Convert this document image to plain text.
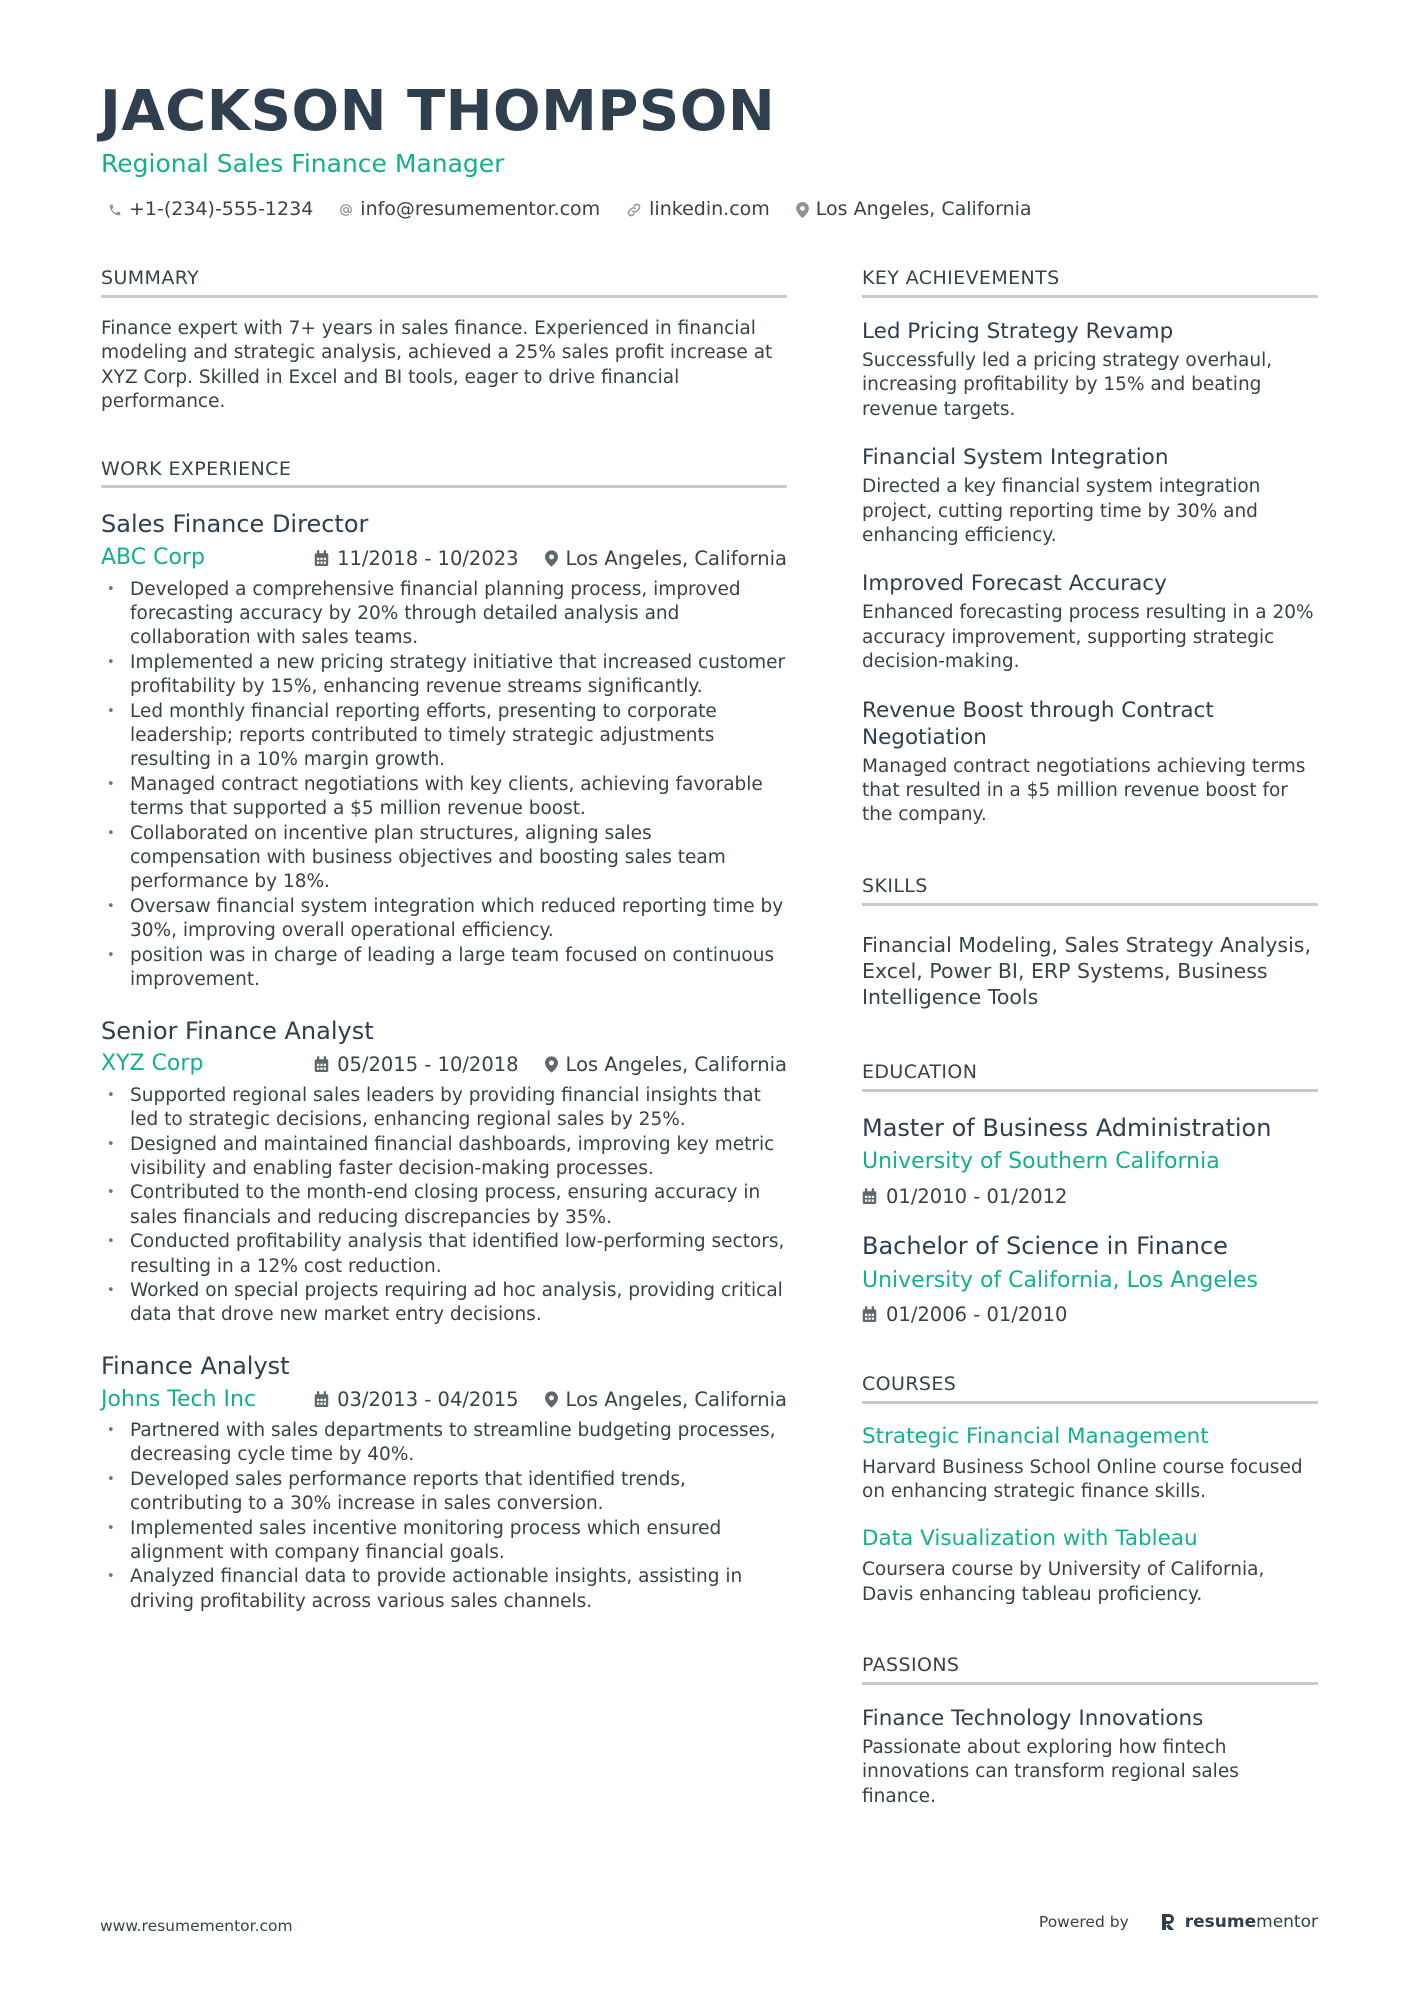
JACKSON THOMPSON
Regional Sales Finance Manager
+1-(234)-555-1234 info@resumementor.com	linkedin.com Los Angeles, California
SUMMARY
Finance expert with 7+ years in sales finance. Experienced in financial modeling and strategic analysis, achieved a 25% sales profit increase at XYZ Corp. Skilled in Excel and BI tools, eager to drive financial performance.
WORK EXPERIENCE
Sales Finance Director
ABC Corp	11/2018 - 10/2023 Los Angeles, California
• Developed a comprehensive financial planning process, improved forecasting accuracy by 20% through detailed analysis and collaboration with sales teams.
• Implemented a new pricing strategy initiative that increased customer profitability by 15%, enhancing revenue streams significantly.
• Led monthly financial reporting efforts, presenting to corporate leadership; reports contributed to timely strategic adjustments resulting in a 10% margin growth.
• Managed contract negotiations with key clients, achieving favorable terms that supported a $5 million revenue boost.
• Collaborated on incentive plan structures, aligning sales compensation with business objectives and boosting sales team performance by 18%.
• Oversaw financial system integration which reduced reporting time by 30%, improving overall operational efficiency.
• position was in charge of leading a large team focused on continuous improvement.
Senior Finance Analyst
XYZ Corp	05/2015 - 10/2018 Los Angeles, California
• Supported regional sales leaders by providing financial insights that led to strategic decisions, enhancing regional sales by 25%.
• Designed and maintained financial dashboards, improving key metric visibility and enabling faster decision-making processes.
• Contributed to the month-end closing process, ensuring accuracy in sales financials and reducing discrepancies by 35%.
• Conducted profitability analysis that identified low-performing sectors, resulting in a 12% cost reduction.
• Worked on special projects requiring ad hoc analysis, providing critical data that drove new market entry decisions.
Finance Analyst
Johns Tech Inc	03/2013 - 04/2015 Los Angeles, California
• Partnered with sales departments to streamline budgeting processes, decreasing cycle time by 40%.
• Developed sales performance reports that identified trends, contributing to a 30% increase in sales conversion.
• Implemented sales incentive monitoring process which ensured alignment with company financial goals.
• Analyzed financial data to provide actionable insights, assisting in driving profitability across various sales channels.
KEY ACHIEVEMENTS
Led Pricing Strategy Revamp
Successfully led a pricing strategy overhaul, increasing profitability by 15% and beating revenue targets.
Financial System Integration
Directed a key financial system integration project, cutting reporting time by 30% and enhancing efficiency.
Improved Forecast Accuracy
Enhanced forecasting process resulting in a 20% accuracy improvement, supporting strategic decision-making.
Revenue Boost through Contract Negotiation
Managed contract negotiations achieving terms that resulted in a $5 million revenue boost for the company.
SKILLS
Financial Modeling, Sales Strategy Analysis, Excel, Power BI, ERP Systems, Business Intelligence Tools
EDUCATION
Master of Business Administration
University of Southern California
01/2010 - 01/2012
Bachelor of Science in Finance
University of California, Los Angeles
01/2006 - 01/2010
COURSES
Strategic Financial Management
Harvard Business School Online course focused on enhancing strategic finance skills.
Data Visualization with Tableau
Coursera course by University of California, Davis enhancing tableau proficiency.
PASSIONS
Finance Technology Innovations
Passionate about exploring how fintech innovations can transform regional sales finance.
www.resumementor.com	Powered by	resumementor
